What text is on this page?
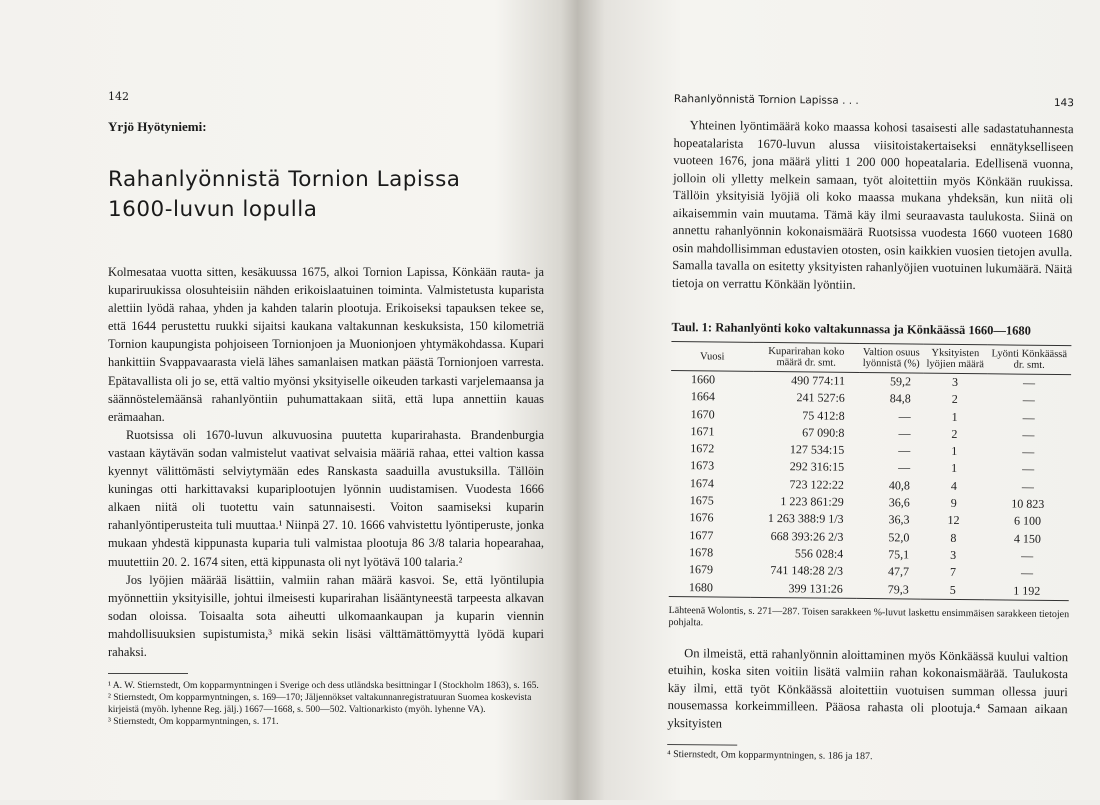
142
Yrjö Hyötyniemi:
Rahanlyönnistä Tornion Lapissa
1600-luvun lopulla

Kolmesataa vuotta sitten, kesäkuussa 1675, alkoi Tornion Lapissa, Könkään rauta- ja kupariruukissa olosuhteisiin nähden erikoislaatuinen toiminta. Valmistetusta kuparista alettiin lyödä rahaa, yhden ja kahden talarin plootuja. Erikoiseksi tapauksen tekee se, että 1644 perustettu ruukki sijaitsi kaukana valtakunnan keskuksista, 150 kilometriä Tornion kaupungista pohjoiseen Tornionjoen ja Muonionjoen yhtymäkohdassa. Kupari hankittiin Svappavaarasta vielä lähes samanlaisen matkan päästä Tornionjoen varresta. Epätavallista oli jo se, että valtio myönsi yksityiselle oikeuden tarkasti varjelemaansa ja säännöstelemäänsä rahanlyöntiin puhumattakaan siitä, että lupa annettiin kauas erämaahan.

Ruotsissa oli 1670-luvun alkuvuosina puutetta kuparirahasta. Brandenburgia vastaan käytävän sodan valmistelut vaativat selvaisia määriä rahaa, ettei valtion kassa kyennyt välittömästi selviytymään edes Ranskasta saaduilla avustuksilla. Tällöin kuningas otti harkittavaksi kupariplootujen lyönnin uudistamisen. Vuodesta 1666 alkaen niitä oli tuotettu vain satunnaisesti. Voiton saamiseksi kuparin rahanlyöntiperusteita tuli muuttaa.¹ Niinpä 27. 10. 1666 vahvistettu lyöntiperuste, jonka mukaan yhdestä kippunasta kuparia tuli valmistaa plootuja 86 3/8 talaria hopearahaa, muutettiin 20. 2. 1674 siten, että kippunasta oli nyt lyötävä 100 talaria.²

Jos lyöjien määrää lisättiin, valmiin rahan määrä kasvoi. Se, että lyöntilupia myönnettiin yksityisille, johtui ilmeisesti kuparirahan lisääntyneestä tarpeesta alkavan sodan oloissa. Toisaalta sota aiheutti ulkomaankaupan ja kuparin viennin mahdollisuuksien supistumista,³ mikä sekin lisäsi välttämättömyyttä lyödä kupari rahaksi.

¹ A. W. Stiernstedt, Om kopparmyntningen i Sverige och dess utländska besittningar I (Stockholm 1863), s. 165.
² Stiernstedt, Om kopparmyntningen, s. 169—170; Jäljennökset valtakunnanregistratuuran Suomea koskevista kirjeistä (myöh. lyhenne Reg. jälj.) 1667—1668, s. 500—502. Valtionarkisto (myöh. lyhenne VA).
³ Stiernstedt, Om kopparmyntningen, s. 171.
Rahanlyönnistä Tornion Lapissa . . .	143

Yhteinen lyöntimäärä koko maassa kohosi tasaisesti alle sadastatuhannesta hopeatalarista 1670-luvun alussa viisitoistakertaiseksi ennätykselliseen vuoteen 1676, jona määrä ylitti 1 200 000 hopeatalaria. Edellisenä vuonna, jolloin oli ylletty melkein samaan, työt aloitettiin myös Könkään ruukissa. Tällöin yksityisiä lyöjiä oli koko maassa mukana yhdeksän, kun niitä oli aikaisemmin vain muutama. Tämä käy ilmi seuraavasta taulukosta. Siinä on annettu rahanlyönnin kokonaismäärä Ruotsissa vuodesta 1660 vuoteen 1680 osin mahdollisimman edustavien otosten, osin kaikkien vuosien tietojen avulla. Samalla tavalla on esitetty yksityisten rahanlyöjien vuotuinen lukumäärä. Näitä tietoja on verrattu Könkään lyöntiin.

Taul. 1: Rahanlyönti koko valtakunnassa ja Könkäässä 1660—1680
Vuosi	Kuparirahan koko määrä dr. smt.	Valtion osuus lyönnistä (%)	Yksityisten lyöjien määrä	Lyönti Könkäässä dr. smt.
1660	490 774:11	59,2	3	—
1664	241 527:6	84,8	2	—
1670	75 412:8	—	1	—
1671	67 090:8	—	2	—
1672	127 534:15	—	1	—
1673	292 316:15	—	1	—
1674	723 122:22	40,8	4	—
1675	1 223 861:29	36,6	9	10 823
1676	1 263 388:9 1/3	36,3	12	6 100
1677	668 393:26 2/3	52,0	8	4 150
1678	556 028:4	75,1	3	—
1679	741 148:28 2/3	47,7	7	—
1680	399 131:26	79,3	5	1 192
Lähteenä Wolontis, s. 271—287. Toisen sarakkeen %-luvut laskettu ensimmäisen sarakkeen tietojen pohjalta.

On ilmeistä, että rahanlyönnin aloittaminen myös Könkäässä kuului valtion etuihin, koska siten voitiin lisätä valmiin rahan kokonaismäärää. Taulukosta käy ilmi, että työt Könkäässä aloitettiin vuotuisen summan ollessa juuri nousemassa korkeimmilleen. Pääosa rahasta oli plootuja.⁴ Samaan aikaan yksityisten

⁴ Stiernstedt, Om kopparmyntningen, s. 186 ja 187.
